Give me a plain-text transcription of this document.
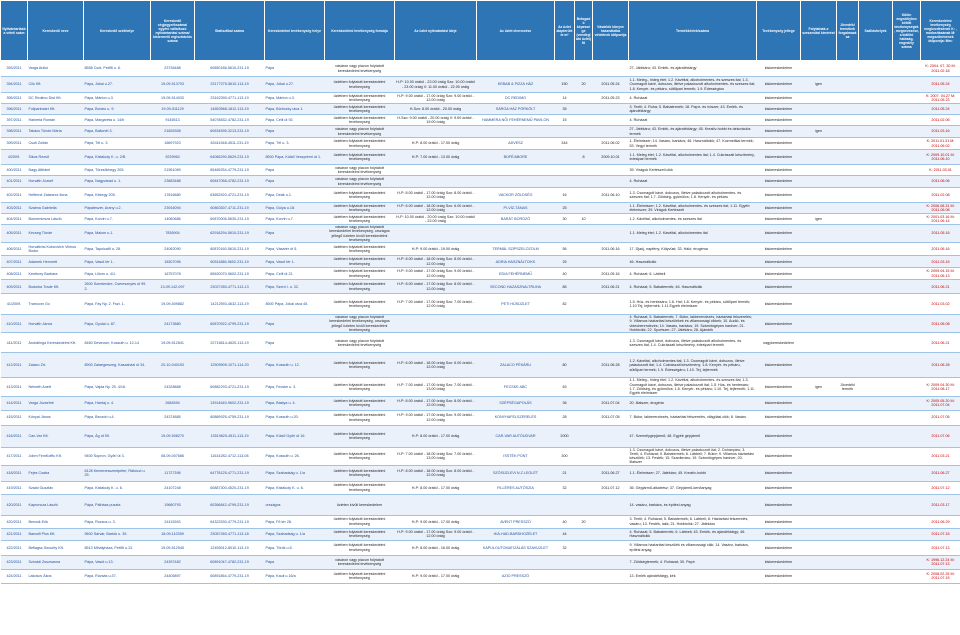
Nyilvántartásba vételi szám	Kereskedő neve	Kereskedő székhelye	Kereskedő cégjegyzékszáma/ egyéni vállalkozó nyilvántartási száma/ kistermelő regisztrációs száma	Statisztikai száma	Kereskedelmi tevékenység helye	Kereskedelmi tevékenység formája	Az üzlet nyitvatartási ideje	Az üzlet elnevezése	Az üzlet alapterülete m²	Befogadó képessége (vendéglátó üzlet) fő	Vásárlók könyve használatba vételének időpontja	Termékkör/ek/száma	Tevékenység jellege	Folytatnak-e szeszesital kimérést	Jövedéki termékek forgalmazása	Szálláshelyek	Külön engedélyhez kötött tevékenységek, megnevezése, a kiállító hatóság, engedély száma	Kereskedelmi tevékenység megkezdésének K: , módosításának M: megszűnésének időpontja: Mm:
393/2011	Varga Anikó	8558 Csót, Petőfi u. 6.	23736488	60850186-5610-231-19	Pápa	vásáron vagy piacon folytatott kereskedelmi tevékenység						27. Játékáru; 43. Emlék- és ajándéktárgy	kiskereskedelem					K: 2004. 07. 30 M: 2011.02.18
394/2011	Ciló Kft.	Pápa, Jókai u.27.	19-09-513703	23177275-5610-113-19	Pápa, Jókai u.27.	üzletben folytatott kereskedelmi tevékenység	H-P: 10.00 órától - 22.00 óráig Szo: 10.00 órától - 23.00 óráig V: 11.00 órától - 22.00 óráig	KEBAB & PIZZA HÁZ	150	20	2011.05.24	1.1. Meleg-, hideg étel; 1.2. Kávéital, alkoholmentes- és szeszes ital; 1.3. Csomagolt kávé, dobozos, illetve palackozott alkoholmentes- és szeszes ital; 1.8. Kenyér- és pékáru, sütőipari termék; 1.9. Édességáru	kiskereskedelem	igen				2011.05.24
395/2011	DC Redimo Dist Kft.	Pápa, Márton u.3.	19-09-514033	23162390-4771-113-19	Pápa, Márton u.3.	üzletben folytatott kereskedelmi tevékenység	H-P: 9.00 órától - 17.00 óráig Szo: 9.00 órától - 12.00 óráig	DC REDIMO	14		2011.05.23	4. Ruházat	kiskereskedelem					K: 2007. 04.27 M: 2011.05.23
396/2011	Fullparkolart Kft.	Pápa, Boráru u. 9.	19-09-511129	14653968-1812-113-19	Pápa, Böröczky utca 1.	üzletben folytatott kereskedelmi tevékenység	H-Szo: 8.00 órától - 20.00 óráig	SÁRGA HÁZ PÖRKÖLT	35			3. Textil; 4. Ruha; 5. Babatermék; 18. Papír- és írószer; 43. Emlék- és ajándéktárgy	kiskereskedelem					2011.05.24
397/2011	Hainerla Román	Pápa, Margaréta u. 14/b	9145513	54078832-4782-231-19	Pápa, Celli út 92.	üzletben folytatott kereskedelmi tevékenység	H-Szo: 9.00 órától - 20.00 óráig V: 9.00 órától - 19.00 óráig	HAMMERA NŐI FEHÉRNEMŰ PAVILON	15			4. Ruházat	kiskereskedelem					2011.02.06
398/2011	Takács Tünde Mária	Pápa, Ballonét 3.	21826308	60634595-3213-231-19	Pápa	vásáron vagy piacon folytatott kereskedelmi tevékenység						27. Játékáru; 43. Emlék- és ajándéktárgy; 45. Kreatív-hobbi és dekorációs termék	kiskereskedelem	igen				2011.03.16
399/2011	Csuti Zoltán	Pápa, Tél u. 3.	16697923	63411548-4511-231-19	Pápa, Tél u. 3.	üzletben folytatott kereskedelmi tevékenység	H-P: 8.00 órától - 17.00 óráig	ADVESZ	344		2011.06.02	1. Élelmiszer; 14. Vasáru, barkács; 46. Használtcikk; 47. Kozmetikai termék; 53. Vegyi termék	kiskereskedelem					K: 2011.01.31 M: 2011.06.02
4/2009.	Sikos Rezső	Pápa, Kisfaludy K. u. 2/B	9239963	64065290-5629-231-19	8500 Pápa, Külső Veszprémi út 1.	üzletben folytatott kereskedelmi tevékenység	H-P: 7.00 órától - 13.00 óráig	BÜFÉ/ABORE		8	2009.10.01	1.1. Meleg étel; 1.2. Kávéital, alkoholmentes ital; 1.4. Cukrászati készítmény, édesipari termék	kiskereskedelem					K: 2009.10.01 M: 2011.06.10
400/2011	Nagy Attiláné	Pápa, Törzsökhegy 205.	21951069	65465254-4779-231-19	Pápa	vásáron vagy piacon folytatott kereskedelmi tevékenység						39. Virágok Kertészeti cikk	kiskereskedelem					K: 2011.03.01
401/2011	Horváth József	Pápa, Nagyvárad u. 1.	23683488	60847058-4782-231-19	Pápa	vásáron vagy piacon folytatott kereskedelmi tevékenység						4. Ruházat	kiskereskedelem					2011.06.06
402/2011	Helferné Zalanecz Ilona	Pápa, Kékegy 205.	17816680	63652520-4721-231-19	Pápa, Deák u.1.	üzletben folytatott kereskedelmi tevékenység	H-P: 8.00 órától - 17.00 óráig Szo: 8.00 órától - 12.00 óráig	VACKOR ZÖLDSÉG	16		2011.06.10	1.3. Csomagolt kávé, dobozos, illetve palackozott alkoholmentes- és szeszes ital; 1.7. Zöldség- gyümölcs; 1.8. Kenyér- és pékáru	kiskereskedelem					2011.02.08
403/2011	Szalma Gabriella	Pápateszér, Arany u.2.	23916094	60863307-4711-231-19	Pápa, Gulya u.18.	üzletben folytatott kereskedelmi tevékenység	H-P: 6.00 órától - 18.00 óráig Szo: 6.00 órától - 12.00 óráig	PI-VÍZ-TÁNAS	25			1.1. Élelmiszer; 1.2. Kávéital, alkoholmentes- és szeszes ital; 1.11. Egyéb élelmiszer; 39. Virágok Kertészeti	kiskereskedelem					K: 2006.08.31 M: 2011.06.08
404/2011	Borneminsza László	Pápa, Korvin u.7.	14060686	60870006-5630-231-19	Pápa, Korvin u.7.	üzletben folytatott kereskedelmi tevékenység	H-P: 10.00 órától - 20.00 óráig Szo: 10.00 órától - 22.00 óráig	BARÁT BOROZÓ	30	10		1.2. Kávéital, alkoholmentes- és szeszes ital	kiskereskedelem	igen				K: 2001.03.16 M: 2011.06.14
405/2011	Kecseg Tünde	Pápa, Malom u.1.	7836904	62918294-5610-231-19	Pápa	vásáron vagy piacon folytatott kereskedelmi tevékenység, országos jellegű üzleten kívüli kereskedelmi tevékenység						1.1. Meleg étel; 1.2. Kávéital, alkoholmentes ital	kiskereskedelem					2011.05.16
406/2011	Horvátivisi Kotorovich Vilmos Bodor	Pápa, Tapolcafő u. 28.	24062090	60870160-5610-231-19	Pápa, Vásárér út 5.	üzletben folytatott kereskedelmi tevékenység	H-P: 9.00 órától - 19.00 óráig	TERMÁL SZIPSZELOZOLM	56		2011.06.16	17. Djaúj, napfény; Kötyvüst; 33. Háló; érogéma	kiskereskedelem					2011.06.16
407/2011	Adamek Hennrett	Pápa, Vasút tér 1.	18307096	60511886-9602-231-19	Pápa, Vasút tér 1.	üzletben folytatott kereskedelmi tevékenység	H-P: 8.00 órától - 18.00 óráig Szo: 8.00 órától - 12.00 óráig	ADRIA HASZNÁLTCIKK	25			46. Használtcikk	kiskereskedelem					2011.03.15
408/2011	Kerékrey Barbara	Pápa, Liliom u. 4/1.	16757078	65620070-9602-231-19	Pápa, Celli út 21.	üzletben folytatott kereskedelmi tevékenység	H-P: 9.00 órától - 17.00 óráig Szo: 9.00 órától - 12.00 óráig	EDIA FEHÉRNEMŰ	40		2011.05.16	4. Ruházat; 6. Lábbeli	kiskereskedelem					K: 2009.04.15 M: 2011.06.13
409/2011	Bodorka Trade Kft.	2600 Szentendre, Cseresznyés út 99. 2.	13-09-142-097	23027450-4771-113-13	Pápa, Szent I. u. 32.	üzletben folytatott kereskedelmi tevékenység	H-P: 8.00 órától - 17.00 óráig Szo: 8.00 órától - 12.00 óráig	SECOND HAZASZNALTRUHA	85		2011.06.21	4. Ruházat; 5. Babatermék; 46. Használtcikk	kiskereskedelem					2011.06.21
41/2009.	Tramcom Gv.	Pápa, Fáy Ny. 2. Fszt. 1.	19-09-509882	14212593-4632-113-19	8500 Pápa, Jókai utca 45.	üzletben folytatott kereskedelmi tevékenység	H-P: 7.00 órától - 17.00 óráig Szo: 7.00 órától - 12.00 óráig	PETI HÚSÜZLET	82			1.5. Hús- és hentesáru; 1.6. Hal; 1.8. Kenyér- és pékáru, sütőipari termék; 1.10 Tej, tejtermék; 1.11 Egyéb élelmiszer	kiskereskedelem					2011.03.02
410/2011	Horváth János	Pápa, Gyulai u. 87.	24173880	60870922-4799-231-19	Pápa	vásáron vagy piacon folytatott kereskedelmi tevékenység, országos jellegű üzleten kívüli kereskedelmi tevékenység						4. Ruházat; 5. Babatermék; 7. Bútor, lakberendezés, háztartási felszerelés; 9. Villamos háztartási készülékek és villamossági cikkek; 10. Audió- és videoberendezés; 14. Vasáru, barkács; 19. Számítógépes hardver; 21. Hobbicikk; 22. Sportszer; 27. Játékáru; 28. Ajándék	kiskereskedelem					2011.06.08
411/2011	Árubálinga Kereskedelmi Kft.	8460 Devecser, Kossuth u. 12-14	19-09-512841	22716614-4620-113-19	Pápa	vásáron vagy piacon folytatott kereskedelmi tevékenység						1.3. Csomagolt kávé, dobozos, illetve palackozott alkoholmentes- és szeszes ital; 1.4. Cukrászati készítmény, édesipari termék	nagykereskedelem					2011.06.21
412/2011	Zalaco Zrt.	8900 Zalaegerszeg, Kaszaházi út 34.	20-10-040193	12509909-1071-114-20	Pápa, Kossuth u. 12.	üzletben folytatott kereskedelmi tevékenység	H-P: 6.00 órától - 18.00 óráig Szo: 6.00 órától - 12.00 óráig	ZALACO PÉKÁRU	80		2011.06.28	1.2. Kávéital, alkoholmentes ital; 1.3. Csomagolt kávé, dobozos, illetve palackozott ital; 1.4. Cukrászati készítmény; 1.8. Kenyér- és pékáru, sütőipari termék; 1.9. Édességáru; 1.10. Tej, tejtermék	kiskereskedelem					2011.06.28
413/2011	Németh Anett	Pápa, Vajda Ny. 25. 4/16.	24328888	60882293-4721-231-19	Pápa, Fecske u. 3.	üzletben folytatott kereskedelmi tevékenység	H-P: 7.00 órától - 17.00 óráig Szo: 7.00 órától - 13.00 óráig	FECSKE ABC	63			1.1. Meleg-, hideg étel; 1.2. Kávéital, alkoholmentes- és szeszes ital; 1.3. Csomagolt kávé, dobozos, illetve palackozott ital; 1.5. Hús- és hentesáru; 1.7. Zöldség- és gyümölcs; 1.8. Kenyér- és pékáru; 1.10. Tej, tejtermék; 1.11. Egyéb élelmiszer	kiskereskedelem	igen	Jövedéki termék			K: 2009.04.30 M: 2011.08.17
414/2011	Varga Józsefné	Pápa, Hantaj u. 4.	2684594	13914640-9602-231-19	Pápa, Bástya u. 4.	üzletben folytatott kereskedelmi tevékenység	H-P: 8.00 órától - 17.00 óráig Szo: 8.00 órától - 12.00 óráig	SZÉPSÉGAPOLÁS	36		2011.07.04	20. Illatszer, drogéria	kiskereskedelem					K: 2005.05.20 M: 2011.07.04
415/2011	Kónyai János	Pápa, Beczóri u.4.	24374885	60889925-4759-231-19	Pápa, Kossuth u.20.	üzletben folytatott kereskedelmi tevékenység	H-P: 9.00 órától - 17.00 óráig Szo: 9.00 órától - 12.00 óráig	KONYHAFELSZERELÉS	28		2011.07.05	7. Bútor, lakberendezés, háztartási felszerelés, világítási cikk; 8. Vasáru	kiskereskedelem					2011.07.05
416/2011	Can-Var Kft.	Pápa, Ág út 59.	19-09-508270	13519825-4511-113-19	Pápa, Külső Győri út 16.	üzletben folytatott kereskedelmi tevékenység	H-P: 8.00 órától - 17.00 óráig	CAR-VAR AUTÓUDVAR	2000			47. Személygépjármű; 48. Egyéb gépjármű	kiskereskedelem					2011.07.06
417/2011	Jobm FemKofflu Kft.	9400 Sopron, Győri út 3.	08-09-007686	11614282-4712-113-08	Pápa, Kossuth u. 26.	üzletben folytatott kereskedelmi tevékenység	H-P: 7.00 órától - 18.00 óráig Szo: 7.00 órától - 13.00 óráig	ISSTÉK PONT	300			1.3. Csomagolt kávé, dobozos, illetve palackozott ital; 2. Dohányáru; 3. Textil; 4. Ruházat; 5. Babatermék; 6. Lábbeli; 7. Bútor; 9. Villamos háztartási készülék; 13. Festék; 15. Szaniteráru; 19. Számítógépes hardver; 20. Illatszer	kiskereskedelem					2011.03.21
418/2011	Fejes Csaba	8128 Kemenesszentpéter, Rákóczi u. 25.	11727398	64778125-4771-231-19	Pápa, Szabadság u. 1/a	üzletben folytatott kereskedelmi tevékenység	H-P: 8.00 órától - 18.00 óráig Szo: 8.00 órától - 12.00 óráig	SZÓSÜZLEVI N.Z.LEGLÉT	21		2011.06.27	1.1. Élelmiszer; 27. Játékáru; 45. Kreatív-hobbi	kiskereskedelem					2011.06.27
419/2011	Szalai Gusztáv	Pápa, Kisfaludy K. u. 6.	24107248	60887300-4520-231-19	Pápa, Kisfaludy K. u. 6.	üzletben folytatott kereskedelmi tevékenység	H-P: 8.00 órától - 17.00 óráig	FILLÉRES AUTÓSZIA	32		2011.07.12	36. Gépjármű-alkatrész; 37. Gépjármű-kenőanyag	kiskereskedelem					2011.07.12
420/2011	Kaproncza László	Pápa, Pálháza puszta	19680793	60266842-4799-231-19	országos	üzleten kívüli kereskedelem						14. vasáru, barkács, és építési anyag	kiskereskedelem					2011.03.17
420/2011	Bercsik Erik	Pápa, Rozsos u. 3.	24119263	64322530-4779-231-19	Pápa, Fő tér 28.	üzletben folytatott kereskedelmi tevékenység	H-P: 9.00 órától - 17.00 óráig	AVENT PRESSZÓ	40	20		3. Textil; 4. Ruházat; 5. Babatermék; 6. Lábbeli; 8. Háztartási felszerelés, vasáru; 13. Festék, lakk; 21. Hobbicikk; 27. Játékáru	kiskereskedelem					2011.06.29
421/2011	Barcsifi Plus Kft.	9600 Sárvár, Bartók u. 39.	18-09-110359	23057450-4771-113-18	Pápa, Szabadság u. 1/a	üzletben folytatott kereskedelmi tevékenység	H-P: 9.00 órától - 17.00 óráig Szo: 9.00 órától - 12.00 óráig	HIÁ-HAD-BARDHOZÉLET	44			4. Ruházat; 5. Babatermék; 6. Lábbeli; 43. Emlék- és ajándéktárgy; 46. Használtcikk	kiskereskedelem					2011.07.15
422/2011	Beflagsz-Security Kft.	8513 Mihályháza, Petőfi u.13.	19-09-512545	12455012-8010-113-19	Pápa, Török u.5.	üzletben folytatott kereskedelmi tevékenység	H-P: 8.00 órától - 16.00 óráig	KAPULOUTOMATIZÁLÁS SZAKÜZLET	32			9. Villamos háztartási készülék és villamossági cikk; 14. Vasáru, barkács, építési anyag	kiskereskedelem					2011.07.13
423/2011	Szórádi Zsuzsanna	Pápa, Vasút u.13.	24397482	60891047-4782-231-19	Pápa	vásáron vagy piacon folytatott kereskedelmi tevékenység						7. Zöldségtermék; 4. Ruházat; 30. Papír	kiskereskedelem					K: 1996.12.24 M: 2011.07.13
424/2011	Lakosov Ákos	Pápa, Rózsás u.37.	24405897	60891864-4779-231-19	Pápa, Kauli u.16/a	üzletben folytatott kereskedelmi tevékenység	H-P: 9.00 órától - 17.00 óráig	AZIO PRESSZÓ				13. Emlék ajándéktárgy, kék	kiskereskedelem					K: 2008.02.25 M: 2011.07.15
